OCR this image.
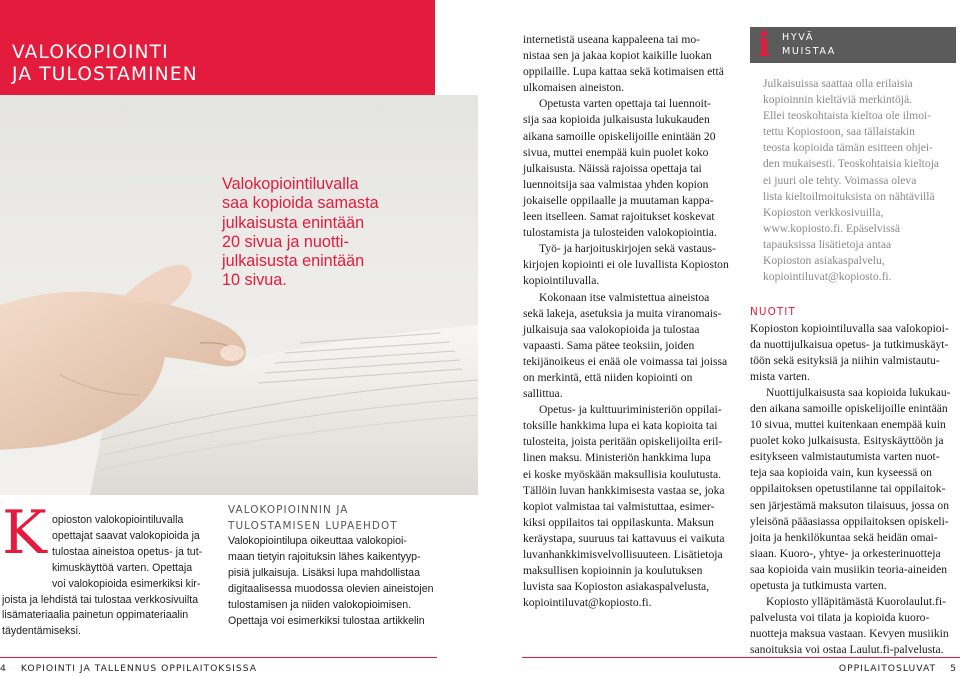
VALOKOPIOINTI
JA TULOSTAMINEN
Valokopiointiluvalla
saa kopioida samasta
julkaisusta enintään
20 sivua ja nuotti-
julkaisusta enintään
10 sivua.
K opioston valokopiointiluvalla
opettajat saavat valokopioida ja
tulostaa aineistoa opetus- ja tut-
kimuskäyttöä varten. Opettaja
voi valokopioida esimerkiksi kir-
joista ja lehdistä tai tulostaa verkkosivuilta
lisämateriaalia painetun oppimateriaalin
täydentämiseksi.

VALOKOPIOINNIN JA
TULOSTAMISEN LUPAEHDOT
Valokopiointilupa oikeuttaa valokopioi-
maan tietyin rajoituksin lähes kaikentyyp-
pisiä julkaisuja. Lisäksi lupa mahdollistaa
digitaalisessa muodossa olevien aineistojen
tulostamisen ja niiden valokopioimisen.
Opettaja voi esimerkiksi tulostaa artikkelin
internetistä useana kappaleena tai mo-
nistaa sen ja jakaa kopiot kaikille luokan
oppilaille. Lupa kattaa sekä kotimaisen että
ulkomaisen aineiston.
Opetusta varten opettaja tai luennoit-
sija saa kopioida julkaisusta lukukauden
aikana samoille opiskelijoille enintään 20
sivua, muttei enempää kuin puolet koko
julkaisusta. Näissä rajoissa opettaja tai
luennoitsija saa valmistaa yhden kopion
jokaiselle oppilaalle ja muutaman kappa-
leen itselleen. Samat rajoitukset koskevat
tulostamista ja tulosteiden valokopiointia.
Työ- ja harjoituskirjojen sekä vastaus-
kirjojen kopiointi ei ole luvallista Kopioston
kopiointiluvalla.
Kokonaan itse valmistettua aineistoa
sekä lakeja, asetuksia ja muita viranomais-
julkaisuja saa valokopioida ja tulostaa
vapaasti. Sama pätee teoksiin, joiden
tekijänoikeus ei enää ole voimassa tai joissa
on merkintä, että niiden kopiointi on
sallittua.
Opetus- ja kulttuuriministeriön oppilai-
toksille hankkima lupa ei kata kopioita tai
tulosteita, joista peritään opiskelijoilta eril-
linen maksu. Ministeriön hankkima lupa
ei koske myöskään maksullisia koulutusta.
Tällöin luvan hankkimisesta vastaa se, joka
kopiot valmistaa tai valmistuttaa, esimer-
kiksi oppilaitos tai oppilaskunta. Maksun
keräystapa, suuruus tai kattavuus ei vaikuta
luvanhankkimisvelvollisuuteen. Lisätietoja
maksullisen kopioinnin ja koulutuksen
luvista saa Kopioston asiakaspalvelusta,
kopiointiluvat@kopiosto.fi.
i	HYVÄ
MUISTAA
Julkaisuissa saattaa olla erilaisia
kopioinnin kieltäviä merkintöjä.
Ellei teoskohtaista kieltoa ole ilmoi-
tettu Kopiostoon, saa tällaistakin
teosta kopioida tämän esitteen ohjei-
den mukaisesti. Teoskohtaisia kieltoja
ei juuri ole tehty. Voimassa oleva
lista kieltoilmoituksista on nähtävillä
Kopioston verkkosivuilla,
www.kopiosto.fi. Epäselvissä
tapauksissa lisätietoja antaa
Kopioston asiakaspalvelu,
kopiointiluvat@kopiosto.fi.
NUOTIT
Kopioston kopiointiluvalla saa valokopioi-
da nuottijulkaisua opetus- ja tutkimuskäyt-
töön sekä esityksiä ja niihin valmistautu-
mista varten.
Nuottijulkaisusta saa kopioida lukukau-
den aikana samoille opiskelijoille enintään
10 sivua, muttei kuitenkaan enempää kuin
puolet koko julkaisusta. Esityskäyttöön ja
esitykseen valmistautumista varten nuot-
teja saa kopioida vain, kun kyseessä on
oppilaitoksen opetustilanne tai oppilaitok-
sen järjestämä maksuton tilaisuus, jossa on
yleisönä pääasiassa oppilaitoksen opiskeli-
joita ja henkilökuntaa sekä heidän omai-
siaan. Kuoro-, yhtye- ja orkesterinuotteja
saa kopioida vain musiikin teoria-aineiden
opetusta ja tutkimusta varten.
Kopiosto ylläpitämästä Kuorolaulut.fi-
palvelusta voi tilata ja kopioida kuoro-
nuotteja maksua vastaan. Kevyen musiikin
sanoituksia voi ostaa Laulut.fi-palvelusta.
4 KOPIOINTI JA TALLENNUS OPPILAITOKSISSA	OPPILAITOSLUVAT 5
